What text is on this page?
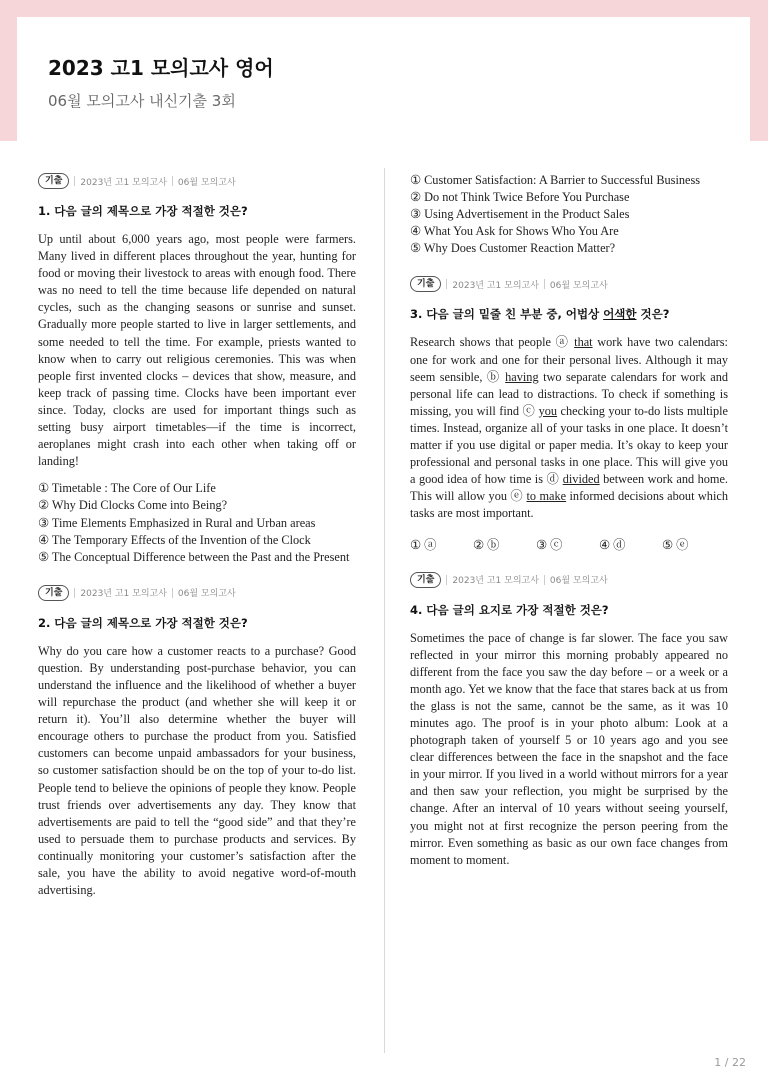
2023 고1 모의고사 영어
06월 모의고사 내신기출 3회
기출	2023년 고1 모의고사 06월 모의고사
1. 다음 글의 제목으로 가장 적절한 것은?

Up until about 6,000 years ago, most people were farmers. Many lived in different places throughout the year, hunting for food or moving their livestock to areas with enough food. There was no need to tell the time because life depended on natural cycles, such as the changing seasons or sunrise and sunset. Gradually more people started to live in larger settlements, and some needed to tell the time. For example, priests wanted to know when to carry out religious ceremonies. This was when people first invented clocks – devices that show, measure, and keep track of passing time. Clocks have been important ever since. Today, clocks are used for important things such as setting busy airport timetables—if the time is incorrect, aeroplanes might crash into each other when taking off or landing!

① Timetable : The Core of Our Life
② Why Did Clocks Come into Being?
③ Time Elements Emphasized in Rural and Urban areas
④ The Temporary Effects of the Invention of the Clock
⑤ The Conceptual Difference between the Past and the Present
기출	2023년 고1 모의고사 06월 모의고사
2. 다음 글의 제목으로 가장 적절한 것은?

Why do you care how a customer reacts to a purchase? Good question. By understanding post-purchase behavior, you can understand the influence and the likelihood of whether a buyer will repurchase the product (and whether she will keep it or return it). You’ll also determine whether the buyer will encourage others to purchase the product from you. Satisfied customers can become unpaid ambassadors for your business, so customer satisfaction should be on the top of your to-do list. People tend to believe the opinions of people they know. People trust friends over advertisements any day. They know that advertisements are paid to tell the “good side” and that they’re used to persuade them to purchase products and services. By continually monitoring your customer’s satisfaction after the sale, you have the ability to avoid negative word-of-mouth advertising.

① Customer Satisfaction: A Barrier to Successful Business
② Do not Think Twice Before You Purchase
③ Using Advertisement in the Product Sales
④ What You Ask for Shows Who You Are
⑤ Why Does Customer Reaction Matter?
기출	2023년 고1 모의고사 06월 모의고사
3. 다음 글의 밑줄 친 부분 중, 어법상 어색한 것은?

Research shows that people ⓐ that work have two calendars: one for work and one for their personal lives. Although it may seem sensible, ⓑ having two separate calendars for work and personal life can lead to distractions. To check if something is missing, you will find ⓒ you checking your to-do lists multiple times. Instead, organize all of your tasks in one place. It doesn’t matter if you use digital or paper media. It’s okay to keep your professional and personal tasks in one place. This will give you a good idea of how time is ⓓ divided between work and home. This will allow you ⓔ to make informed decisions about which tasks are most important.

① ⓐ	② ⓑ	③ ⓒ	④ ⓓ	⑤ ⓔ
기출	2023년 고1 모의고사 06월 모의고사
4. 다음 글의 요지로 가장 적절한 것은?

Sometimes the pace of change is far slower. The face you saw reflected in your mirror this morning probably appeared no different from the face you saw the day before – or a week or a month ago. Yet we know that the face that stares back at us from the glass is not the same, cannot be the same, as it was 10 minutes ago. The proof is in your photo album: Look at a photograph taken of yourself 5 or 10 years ago and you see clear differences between the face in the snapshot and the face in your mirror. If you lived in a world without mirrors for a year and then saw your reflection, you might be surprised by the change. After an interval of 10 years without seeing yourself, you might not at first recognize the person peering from the mirror. Even something as basic as our own face changes from moment to moment.

1 / 22
